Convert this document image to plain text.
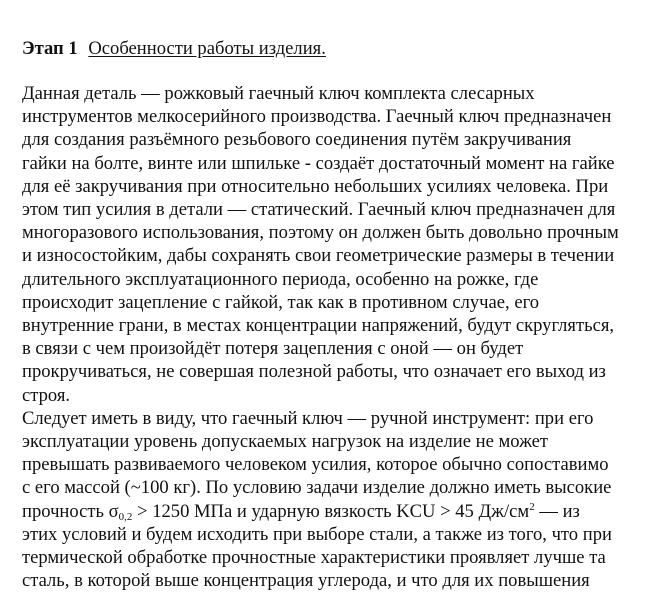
Этап 1 Особенности работы изделия.

Данная деталь — рожковый гаечный ключ комплекта слесарных
инструментов мелкосерийного производства. Гаечный ключ предназначен
для создания разъёмного резьбового соединения путём закручивания
гайки на болте, винте или шпильке - создаёт достаточный момент на гайке
для её закручивания при относительно небольших усилиях человека. При
этом тип усилия в детали — статический. Гаечный ключ предназначен для
многоразового использования, поэтому он должен быть довольно прочным
и износостойким, дабы сохранять свои геометрические размеры в течении
длительного эксплуатационного периода, особенно на рожке, где
происходит зацепление с гайкой, так как в противном случае, его
внутренние грани, в местах концентрации напряжений, будут скругляться,
в связи с чем произойдёт потеря зацепления с оной — он будет
прокручиваться, не совершая полезной работы, что означает его выход из
строя.

Следует иметь в виду, что гаечный ключ — ручной инструмент: при его
эксплуатации уровень допускаемых нагрузок на изделие не может
превышать развиваемого человеком усилия, которое обычно сопоставимо
с его массой (~100 кг). По условию задачи изделие должно иметь высокие
прочность $\sigma_{0,2} > 1250$ МПа и ударную вязкость KCU > 45 $Дж/см^2$ — из
этих условий и будем исходить при выборе стали, а также из того, что при
термической обработке прочностные характеристики проявляет лучше та
сталь, в которой выше концентрация углерода, и что для их повышения
